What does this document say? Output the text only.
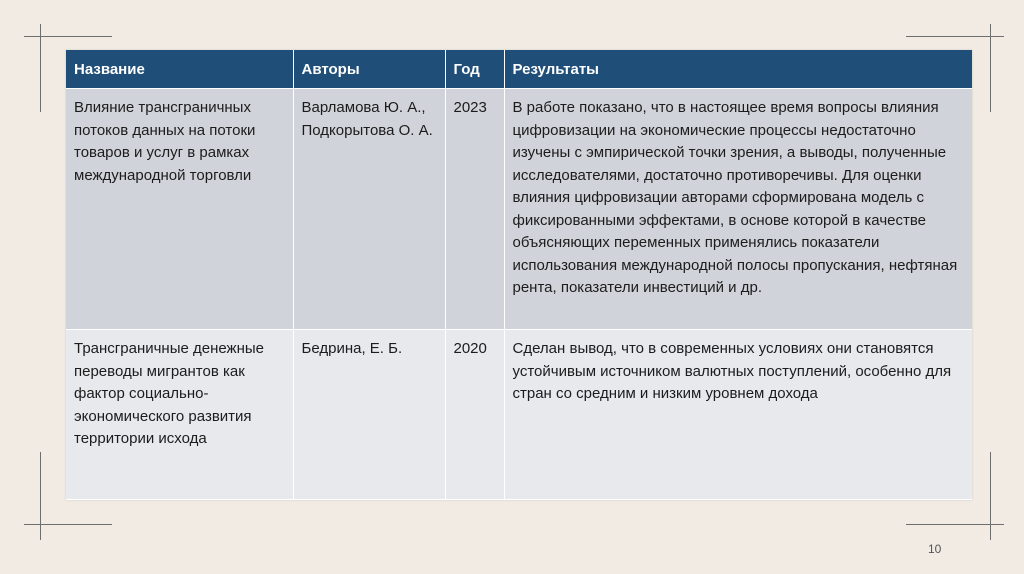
Название	Авторы	Год	Результаты
Влияние трансграничных потоков данных на потоки товаров и услуг в рамках международной торговли	Варламова Ю. А., Подкорытова О. А.	2023	В работе показано, что в настоящее время вопросы влияния цифровизации на экономические процессы недостаточно изучены с эмпирической точки зрения, а выводы, полученные исследователями, достаточно противоречивы. Для оценки влияния цифровизации авторами сформирована модель с фиксированными эффектами, в основе которой в качестве объясняющих переменных применялись показатели использования международной полосы пропускания, нефтяная рента, показатели инвестиций и др.
Трансграничные денежные переводы мигрантов как фактор социально-экономического развития территории исхода	Бедрина, Е. Б.	2020	Сделан вывод, что в современных условиях они становятся устойчивым источником валютных поступлений, особенно для стран со средним и низким уровнем дохода
10
